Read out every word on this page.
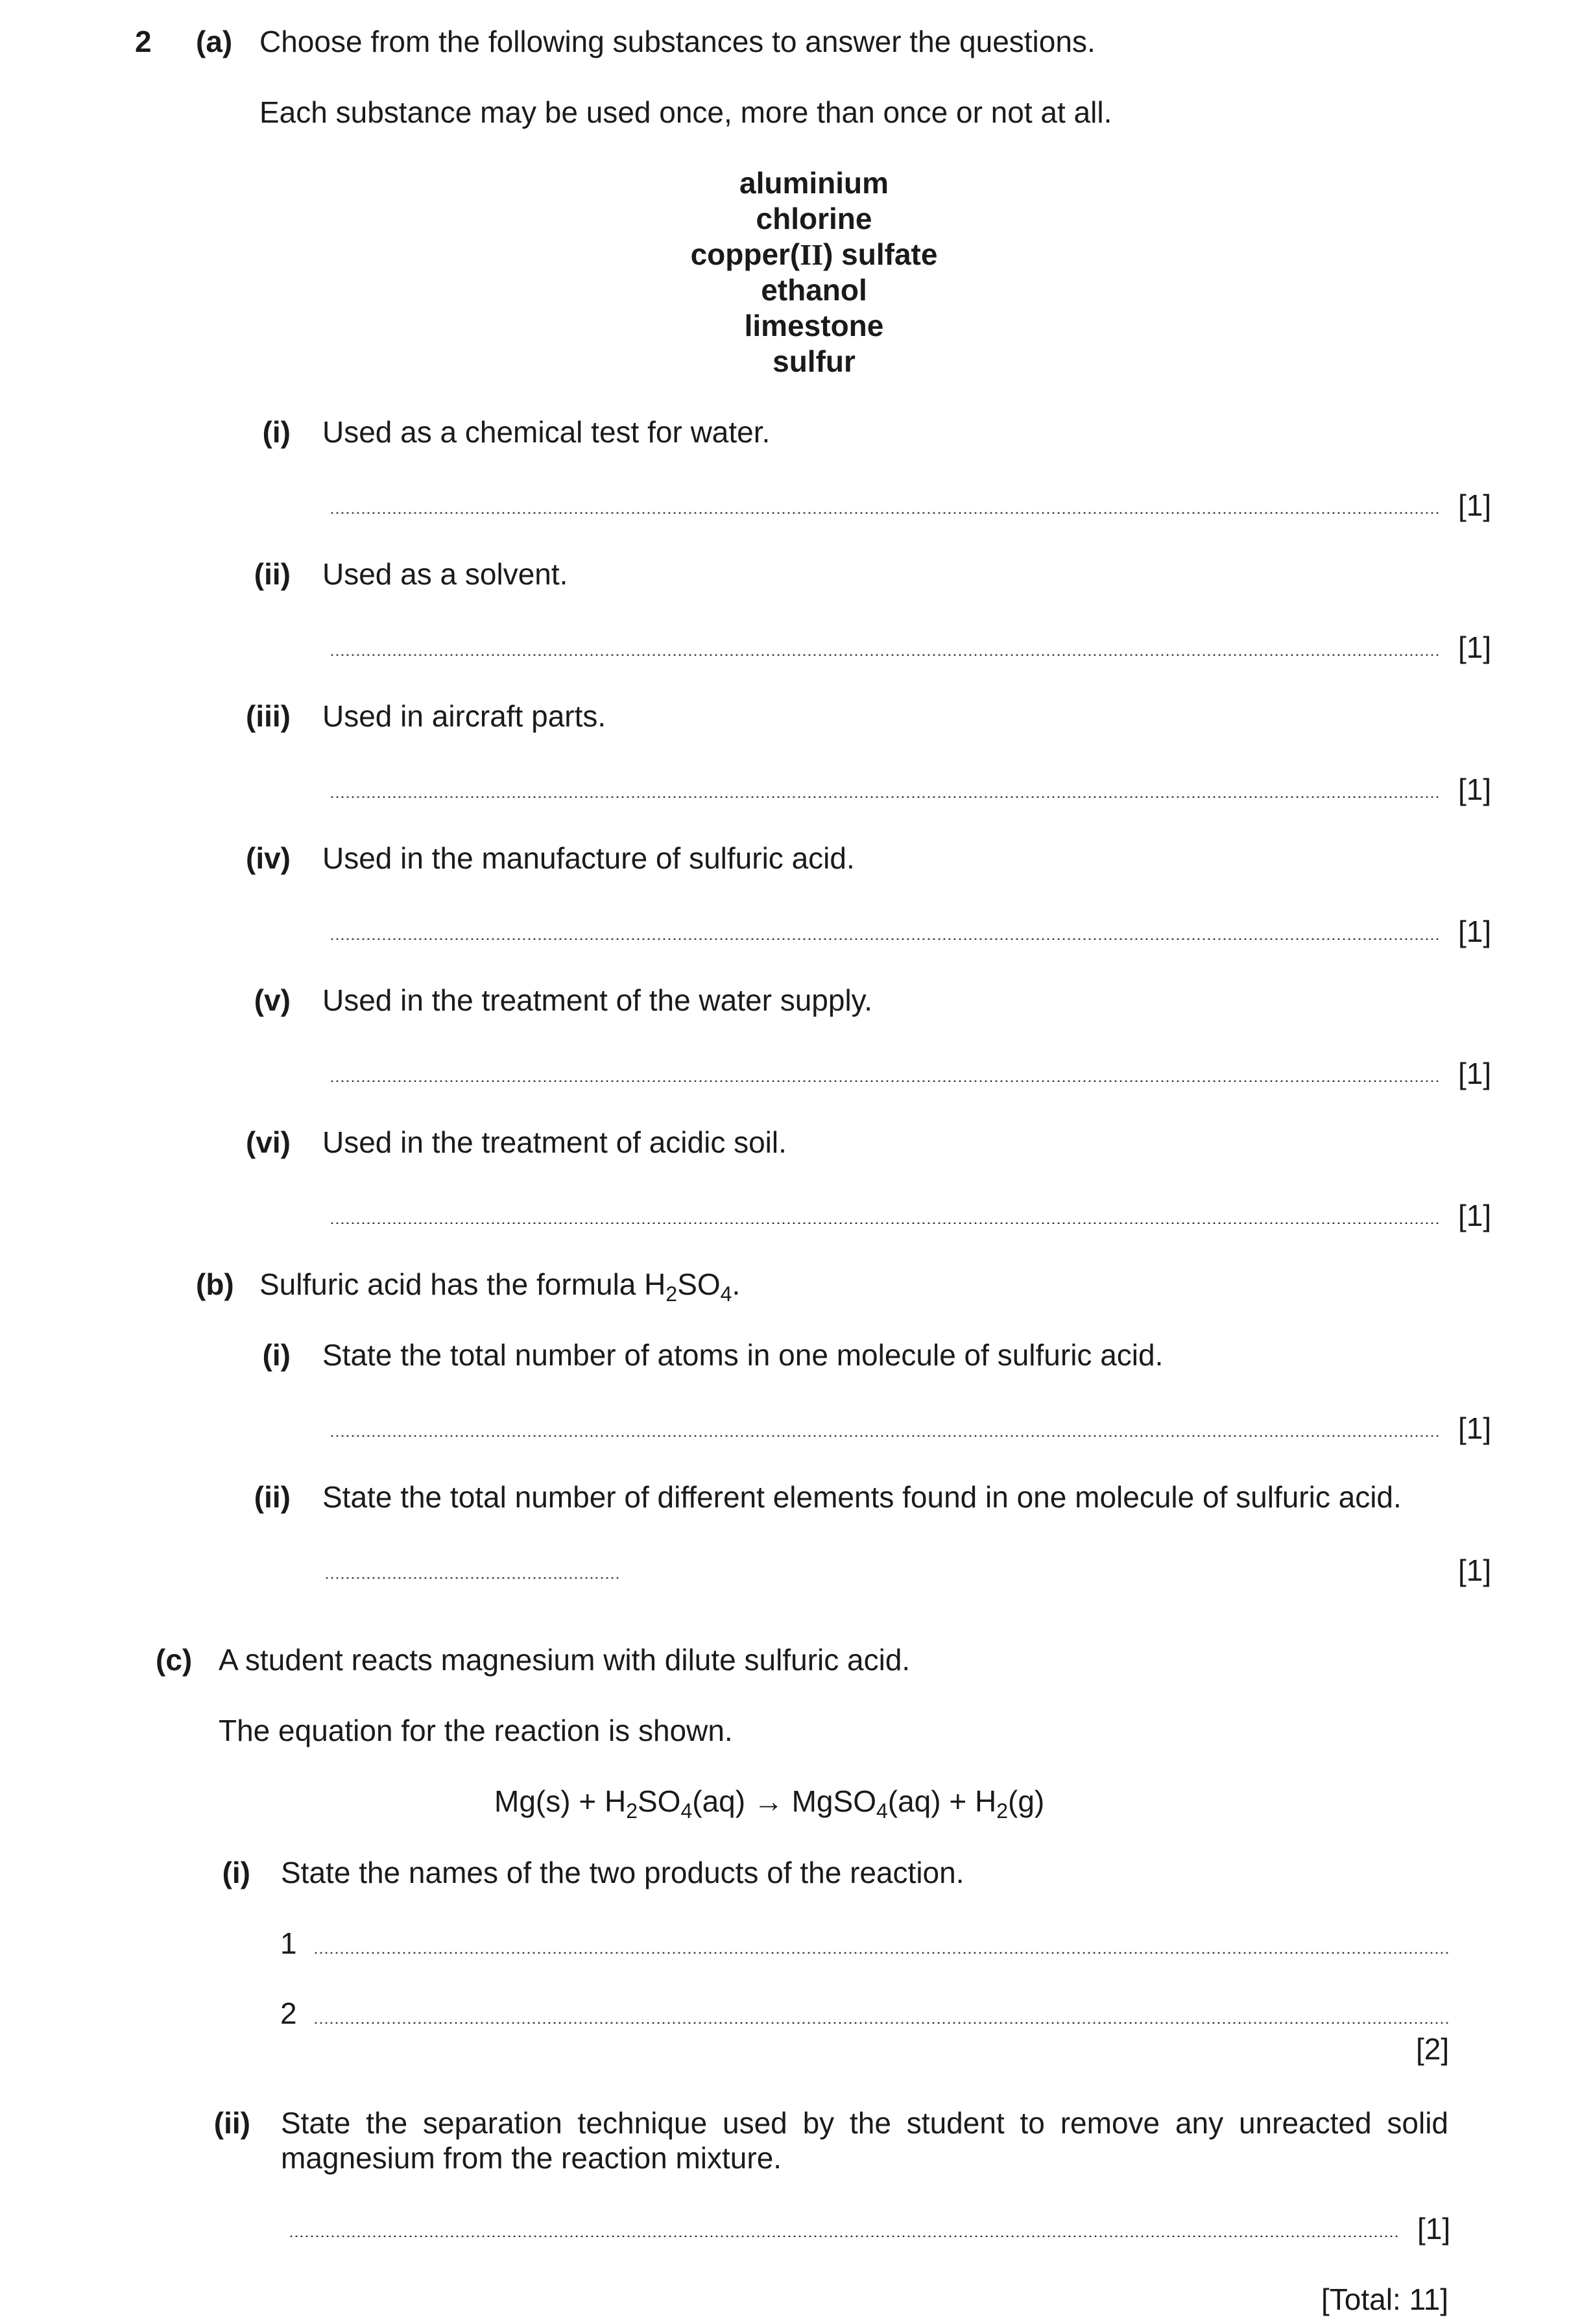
2 (a) Choose from the following substances to answer the questions.
Each substance may be used once, more than once or not at all.
aluminium
chlorine
copper(II) sulfate
ethanol
limestone
sulfur
(i) Used as a chemical test for water.
[1]
(ii) Used as a solvent.
[1]
(iii) Used in aircraft parts.
[1]
(iv) Used in the manufacture of sulfuric acid.
[1]
(v) Used in the treatment of the water supply.
[1]
(vi) Used in the treatment of acidic soil.
[1]
(b) Sulfuric acid has the formula $H_2SO_4$.
(i) State the total number of atoms in one molecule of sulfuric acid.
[1]
(ii) State the total number of different elements found in one molecule of sulfuric acid.
[1]
(c) A student reacts magnesium with dilute sulfuric acid.
The equation for the reaction is shown.
$Mg(s) + H_2SO_4(aq)$ → MgSO$_4$(aq) + $H_2(g)$
(i) State the names of the two products of the reaction.
1
2
[2]
(ii) State the separation technique used by the student to remove any unreacted solid
magnesium from the reaction mixture.
[1]
[Total: 11]
